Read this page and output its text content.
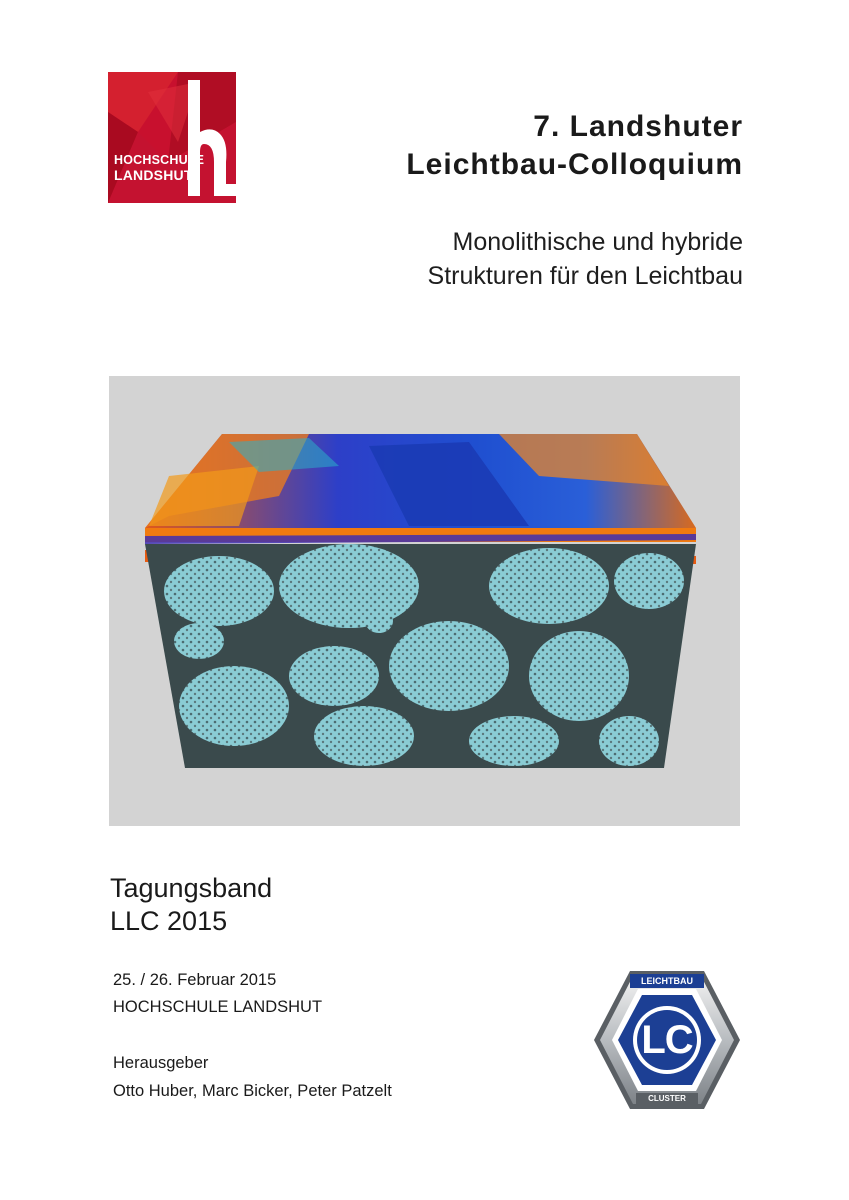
HOCHSCHULE
LANDSHUT
7. Landshuter
Leichtbau-Colloquium
Monolithische und hybride
Strukturen für den Leichtbau
Tagungsband
LLC 2015
25. / 26. Februar 2015
HOCHSCHULE LANDSHUT
Herausgeber
Otto Huber, Marc Bicker, Peter Patzelt
LEICHTBAU
LC
CLUSTER
